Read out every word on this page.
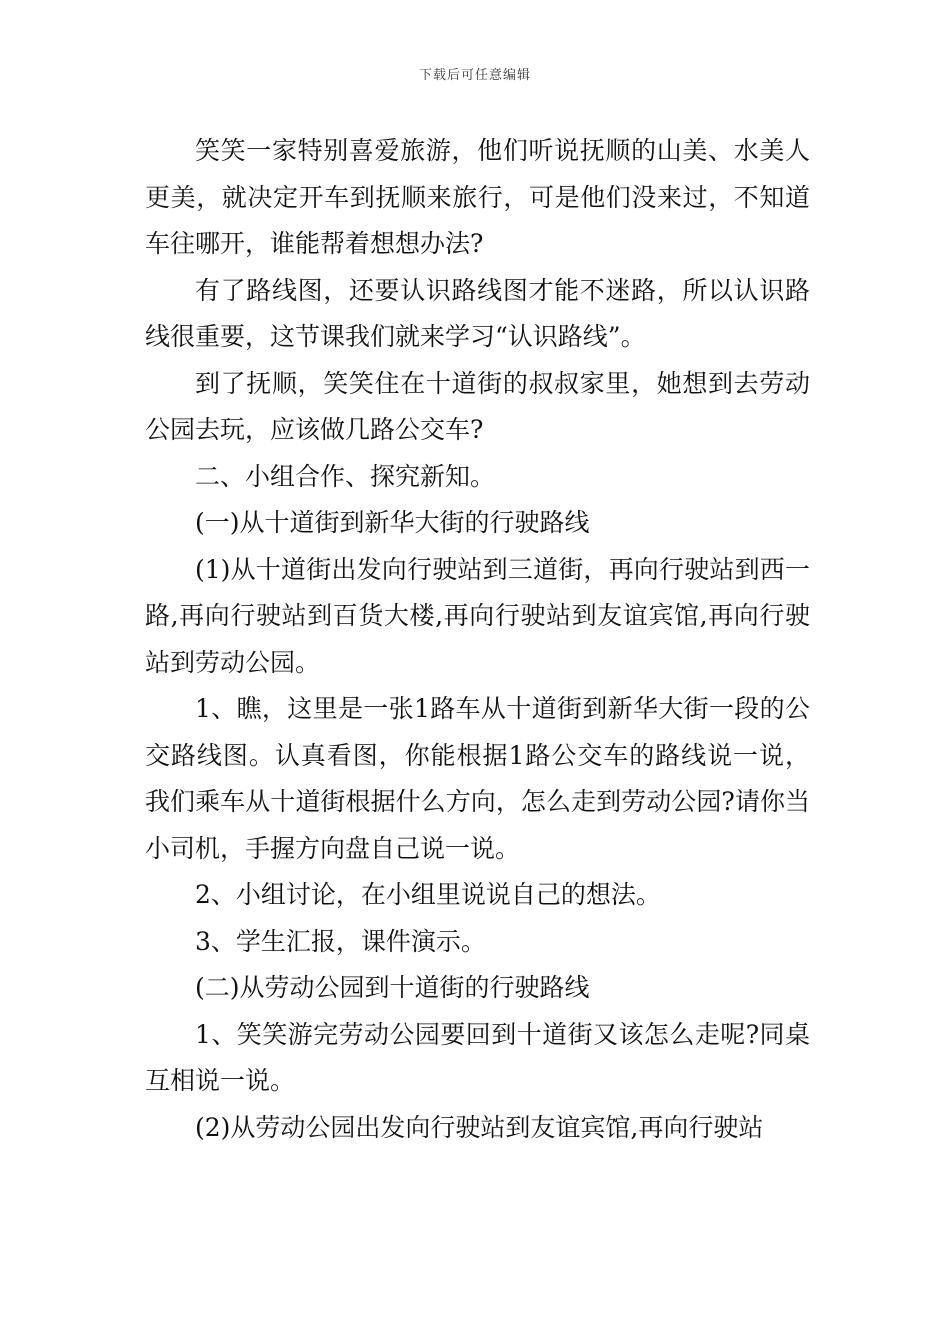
下载后可任意编辑

笑笑一家特别喜爱旅游，他们听说抚顺的山美、水美人更美，就决定开车到抚顺来旅行，可是他们没来过，不知道车往哪开，谁能帮着想想办法?

有了路线图，还要认识路线图才能不迷路，所以认识路线很重要，这节课我们就来学习“认识路线”。

到了抚顺，笑笑住在十道街的叔叔家里，她想到去劳动公园去玩，应该做几路公交车?

二、小组合作、探究新知。

(一)从十道街到新华大街的行驶路线

(1)从十道街出发向行驶站到三道街，再向行驶站到西一路,再向行驶站到百货大楼,再向行驶站到友谊宾馆,再向行驶站到劳动公园。

1、瞧，这里是一张1路车从十道街到新华大街一段的公交路线图。认真看图，你能根据1路公交车的路线说一说，我们乘车从十道街根据什么方向，怎么走到劳动公园?请你当小司机，手握方向盘自己说一说。

2、小组讨论，在小组里说说自己的想法。

3、学生汇报，课件演示。

(二)从劳动公园到十道街的行驶路线

1、笑笑游完劳动公园要回到十道街又该怎么走呢?同桌互相说一说。

(2)从劳动公园出发向行驶站到友谊宾馆,再向行驶站
